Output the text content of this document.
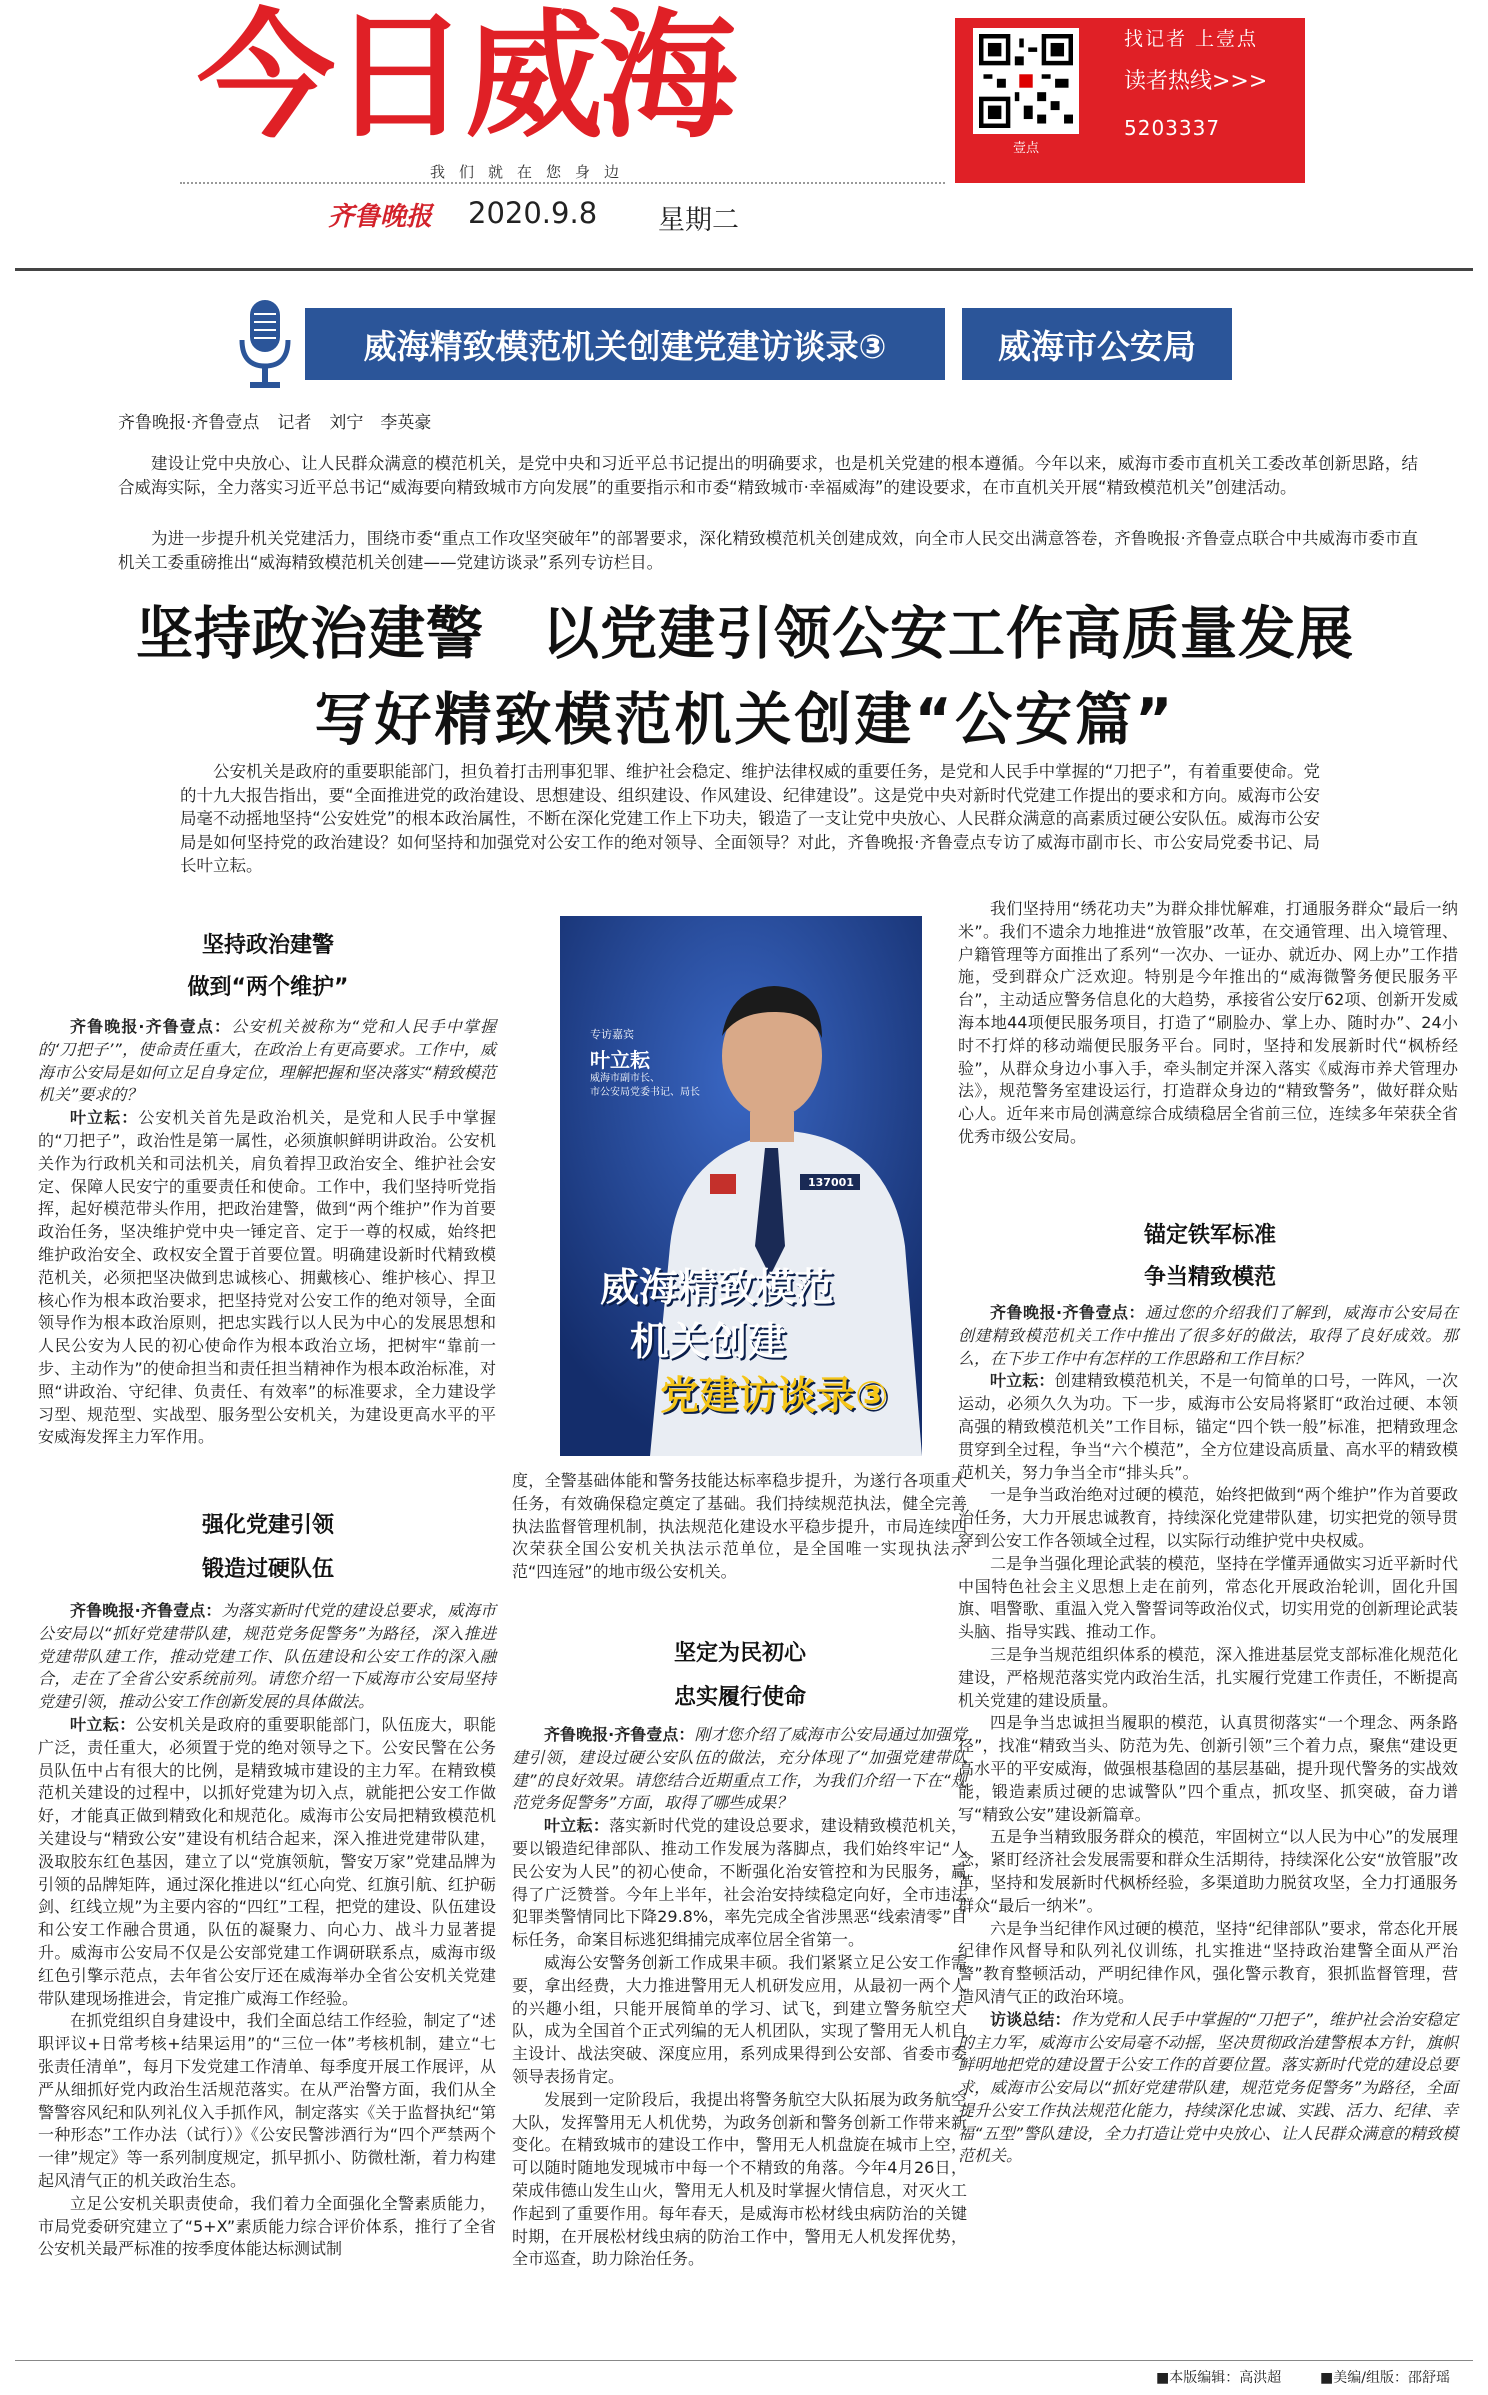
今日威海
我们就在您身边
齐鲁晚报 2020.9.8 星期二
壹点
找记者 上壹点
读者热线>>>
5203337
威海精致模范机关创建党建访谈录③	威海市公安局
齐鲁晚报·齐鲁壹点 记者 刘宁　李英豪
建设让党中央放心、让人民群众满意的模范机关，是党中央和习近平总书记提出的明确要求，也是机关党建的根本遵循。今年以来，威海市委市直机关工委改革创新思路，结合威海实际，全力落实习近平总书记“威海要向精致城市方向发展”的重要指示和市委“精致城市·幸福威海”的建设要求，在市直机关开展“精致模范机关”创建活动。
为进一步提升机关党建活力，围绕市委“重点工作攻坚突破年”的部署要求，深化精致模范机关创建成效，向全市人民交出满意答卷，齐鲁晚报·齐鲁壹点联合中共威海市委市直机关工委重磅推出“威海精致模范机关创建——党建访谈录”系列专访栏目。
坚持政治建警　以党建引领公安工作高质量发展
写好精致模范机关创建“公安篇”
公安机关是政府的重要职能部门，担负着打击刑事犯罪、维护社会稳定、维护法律权威的重要任务，是党和人民手中掌握的“刀把子”，有着重要使命。党的十九大报告指出，要“全面推进党的政治建设、思想建设、组织建设、作风建设、纪律建设”。这是党中央对新时代党建工作提出的要求和方向。威海市公安局毫不动摇地坚持“公安姓党”的根本政治属性，不断在深化党建工作上下功夫，锻造了一支让党中央放心、人民群众满意的高素质过硬公安队伍。威海市公安局是如何坚持党的政治建设？如何坚持和加强党对公安工作的绝对领导、全面领导？对此，齐鲁晚报·齐鲁壹点专访了威海市副市长、市公安局党委书记、局长叶立耘。
坚持政治建警
做到“两个维护”

齐鲁晚报·齐鲁壹点：公安机关被称为“党和人民手中掌握的‘刀把子’”，使命责任重大，在政治上有更高要求。工作中，威海市公安局是如何立足自身定位，理解把握和坚决落实“精致模范机关”要求的？

叶立耘：公安机关首先是政治机关，是党和人民手中掌握的“刀把子”，政治性是第一属性，必须旗帜鲜明讲政治。公安机关作为行政机关和司法机关，肩负着捍卫政治安全、维护社会安定、保障人民安宁的重要责任和使命。工作中，我们坚持听党指挥，起好模范带头作用，把政治建警，做到“两个维护”作为首要政治任务，坚决维护党中央一锤定音、定于一尊的权威，始终把维护政治安全、政权安全置于首要位置。明确建设新时代精致模范机关，必须把坚决做到忠诚核心、拥戴核心、维护核心、捍卫核心作为根本政治要求，把坚持党对公安工作的绝对领导，全面领导作为根本政治原则，把忠实践行以人民为中心的发展思想和人民公安为人民的初心使命作为根本政治立场，把树牢“靠前一步、主动作为”的使命担当和责任担当精神作为根本政治标准，对照“讲政治、守纪律、负责任、有效率”的标准要求，全力建设学习型、规范型、实战型、服务型公安机关，为建设更高水平的平安威海发挥主力军作用。

强化党建引领
锻造过硬队伍

齐鲁晚报·齐鲁壹点：为落实新时代党的建设总要求，威海市公安局以“抓好党建带队建，规范党务促警务”为路径，深入推进党建带队建工作，推动党建工作、队伍建设和公安工作的深入融合，走在了全省公安系统前列。请您介绍一下威海市公安局坚持党建引领，推动公安工作创新发展的具体做法。

叶立耘：公安机关是政府的重要职能部门，队伍庞大，职能广泛，责任重大，必须置于党的绝对领导之下。公安民警在公务员队伍中占有很大的比例，是精致城市建设的主力军。在精致模范机关建设的过程中，以抓好党建为切入点，就能把公安工作做好，才能真正做到精致化和规范化。威海市公安局把精致模范机关建设与“精致公安”建设有机结合起来，深入推进党建带队建，汲取胶东红色基因，建立了以“党旗领航，警安万家”党建品牌为引领的品牌矩阵，通过深化推进以“红心向党、红旗引航、红护砺剑、红线立规”为主要内容的“四红”工程，把党的建设、队伍建设和公安工作融合贯通，队伍的凝聚力、向心力、战斗力显著提升。威海市公安局不仅是公安部党建工作调研联系点，威海市级红色引擎示范点，去年省公安厅还在威海举办全省公安机关党建带队建现场推进会，肯定推广威海工作经验。

在抓党组织自身建设中，我们全面总结工作经验，制定了“述职评议+日常考核+结果运用”的“三位一体”考核机制，建立“七张责任清单”，每月下发党建工作清单、每季度开展工作展评，从严从细抓好党内政治生活规范落实。在从严治警方面，我们从全警警容风纪和队列礼仪入手抓作风，制定落实《关于监督执纪“第一种形态”工作办法（试行）》《公安民警涉酒行为“四个严禁两个一律”规定》等一系列制度规定，抓早抓小、防微杜渐，着力构建起风清气正的机关政治生态。

立足公安机关职责使命，我们着力全面强化全警素质能力，市局党委研究建立了“5+X”素质能力综合评价体系，推行了全省公安机关最严标准的按季度体能达标测试制

专访嘉宾
叶立耘
威海市副市长、
市公安局党委书记、局长
137001
威海精致模范
机关创建
党建访谈录③

度，全警基础体能和警务技能达标率稳步提升，为遂行各项重大任务，有效确保稳定奠定了基础。我们持续规范执法，健全完善执法监督管理机制，执法规范化建设水平稳步提升，市局连续四次荣获全国公安机关执法示范单位，是全国唯一实现执法示范“四连冠”的地市级公安机关。

坚定为民初心
忠实履行使命

齐鲁晚报·齐鲁壹点：刚才您介绍了威海市公安局通过加强党建引领，建设过硬公安队伍的做法，充分体现了“加强党建带队建”的良好效果。请您结合近期重点工作，为我们介绍一下在“规范党务促警务”方面，取得了哪些成果？

叶立耘：落实新时代党的建设总要求，建设精致模范机关，要以锻造纪律部队、推动工作发展为落脚点，我们始终牢记“人民公安为人民”的初心使命，不断强化治安管控和为民服务，赢得了广泛赞誉。今年上半年，社会治安持续稳定向好，全市违法犯罪类警情同比下降29.8%，率先完成全省涉黑恶“线索清零”目标任务，命案目标逃犯缉捕完成率位居全省第一。

威海公安警务创新工作成果丰硕。我们紧紧立足公安工作需要，拿出经费，大力推进警用无人机研发应用，从最初一两个人的兴趣小组，只能开展简单的学习、试飞，到建立警务航空大队，成为全国首个正式列编的无人机团队，实现了警用无人机自主设计、战法突破、深度应用，系列成果得到公安部、省委市委领导表扬肯定。

发展到一定阶段后，我提出将警务航空大队拓展为政务航空大队，发挥警用无人机优势，为政务创新和警务创新工作带来新变化。在精致城市的建设工作中，警用无人机盘旋在城市上空，可以随时随地发现城市中每一个不精致的角落。今年4月26日，荣成伟德山发生山火，警用无人机及时掌握火情信息，对灭火工作起到了重要作用。每年春天，是威海市松材线虫病防治的关键时期，在开展松材线虫病的防治工作中，警用无人机发挥优势，全市巡查，助力除治任务。

我们坚持用“绣花功夫”为群众排忧解难，打通服务群众“最后一纳米”。我们不遗余力地推进“放管服”改革，在交通管理、出入境管理、户籍管理等方面推出了系列“一次办、一证办、就近办、网上办”工作措施，受到群众广泛欢迎。特别是今年推出的“威海微警务便民服务平台”，主动适应警务信息化的大趋势，承接省公安厅62项、创新开发威海本地44项便民服务项目，打造了“刷脸办、掌上办、随时办”、24小时不打烊的移动端便民服务平台。同时，坚持和发展新时代“枫桥经验”，从群众身边小事入手，牵头制定并深入落实《威海市养犬管理办法》，规范警务室建设运行，打造群众身边的“精致警务”，做好群众贴心人。近年来市局创满意综合成绩稳居全省前三位，连续多年荣获全省优秀市级公安局。

锚定铁军标准
争当精致模范

齐鲁晚报·齐鲁壹点：通过您的介绍我们了解到，威海市公安局在创建精致模范机关工作中推出了很多好的做法，取得了良好成效。那么，在下步工作中有怎样的工作思路和工作目标？

叶立耘：创建精致模范机关，不是一句简单的口号，一阵风，一次运动，必须久久为功。下一步，威海市公安局将紧盯“政治过硬、本领高强的精致模范机关”工作目标，锚定“四个铁一般”标准，把精致理念贯穿到全过程，争当“六个模范”，全方位建设高质量、高水平的精致模范机关，努力争当全市“排头兵”。

一是争当政治绝对过硬的模范，始终把做到“两个维护”作为首要政治任务，大力开展忠诚教育，持续深化党建带队建，切实把党的领导贯穿到公安工作各领域全过程，以实际行动维护党中央权威。

二是争当强化理论武装的模范，坚持在学懂弄通做实习近平新时代中国特色社会主义思想上走在前列，常态化开展政治轮训，固化升国旗、唱警歌、重温入党入警誓词等政治仪式，切实用党的创新理论武装头脑、指导实践、推动工作。

三是争当规范组织体系的模范，深入推进基层党支部标准化规范化建设，严格规范落实党内政治生活，扎实履行党建工作责任，不断提高机关党建的建设质量。

四是争当忠诚担当履职的模范，认真贯彻落实“一个理念、两条路径”，找准“精致当头、防范为先、创新引领”三个着力点，聚焦“建设更高水平的平安威海，做强根基稳固的基层基础，提升现代警务的实战效能，锻造素质过硬的忠诚警队”四个重点，抓攻坚、抓突破，奋力谱写“精致公安”建设新篇章。

五是争当精致服务群众的模范，牢固树立“以人民为中心”的发展理念，紧盯经济社会发展需要和群众生活期待，持续深化公安“放管服”改革，坚持和发展新时代枫桥经验，多渠道助力脱贫攻坚，全力打通服务群众“最后一纳米”。

六是争当纪律作风过硬的模范，坚持“纪律部队”要求，常态化开展纪律作风督导和队列礼仪训练，扎实推进“坚持政治建警全面从严治警”教育整顿活动，严明纪律作风，强化警示教育，狠抓监督管理，营造风清气正的政治环境。

访谈总结：作为党和人民手中掌握的“刀把子”，维护社会治安稳定的主力军，威海市公安局毫不动摇，坚决贯彻政治建警根本方针，旗帜鲜明地把党的建设置于公安工作的首要位置。落实新时代党的建设总要求，威海市公安局以“抓好党建带队建，规范党务促警务”为路径，全面提升公安工作执法规范化能力，持续深化忠诚、实践、活力、纪律、幸福“五型”警队建设，全力打造让党中央放心、让人民群众满意的精致模范机关。

■本版编辑：高洪超	■美编/组版：邵舒瑶
